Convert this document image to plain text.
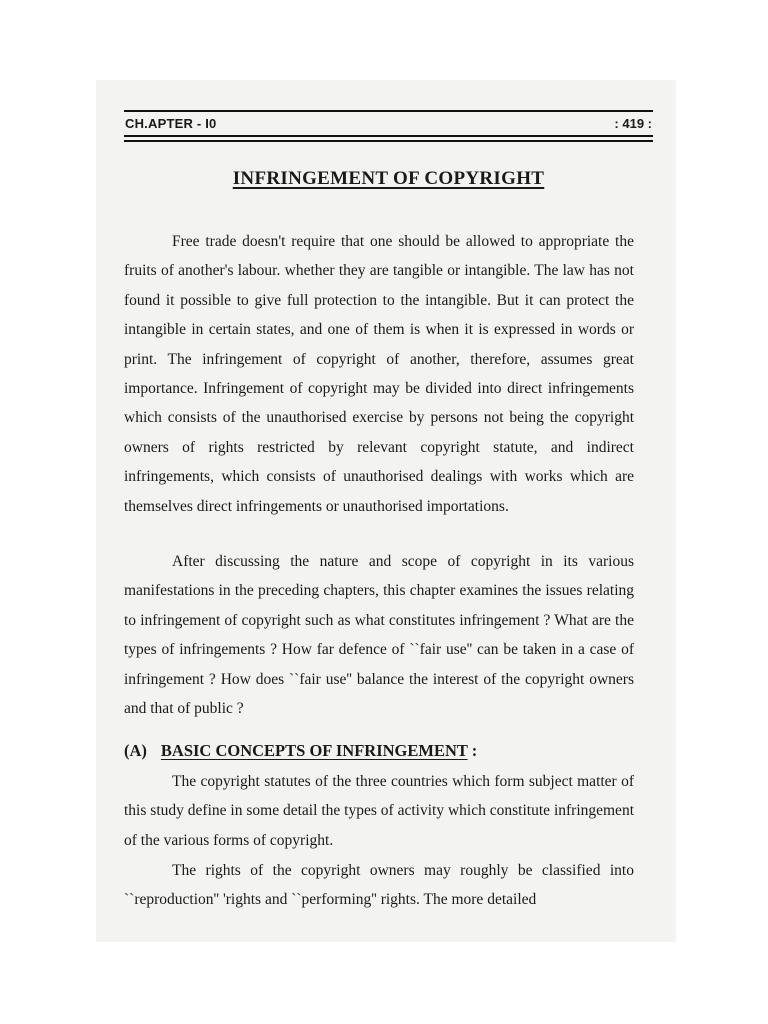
CH.APTER - I0	: 419 :
INFRINGEMENT OF COPYRIGHT

Free trade doesn't require that one should be allowed to appropriate the fruits of another's labour. whether they are tangible or intangible. The law has not found it possible to give full protection to the intangible. But it can protect the intangible in certain states, and one of them is when it is expressed in words or print. The infringement of copyright of another, therefore, assumes great importance. Infringement of copyright may be divided into direct infringements which consists of the unauthorised exercise by persons not being the copyright owners of rights restricted by relevant copyright statute, and indirect infringements, which consists of unauthorised dealings with works which are themselves direct infringements or unauthorised importations.

After discussing the nature and scope of copyright in its various manifestations in the preceding chapters, this chapter examines the issues relating to infringement of copyright such as what constitutes infringement ? What are the types of infringements ? How far defence of ``fair use'' can be taken in a case of infringement ? How does ``fair use'' balance the interest of the copyright owners and that of public ?

(A) BASIC CONCEPTS OF INFRINGEMENT :

The copyright statutes of the three countries which form subject matter of this study define in some detail the types of activity which constitute infringement of the various forms of copyright.

The rights of the copyright owners may roughly be classified into ``reproduction'' 'rights and ``performing'' rights. The more detailed
